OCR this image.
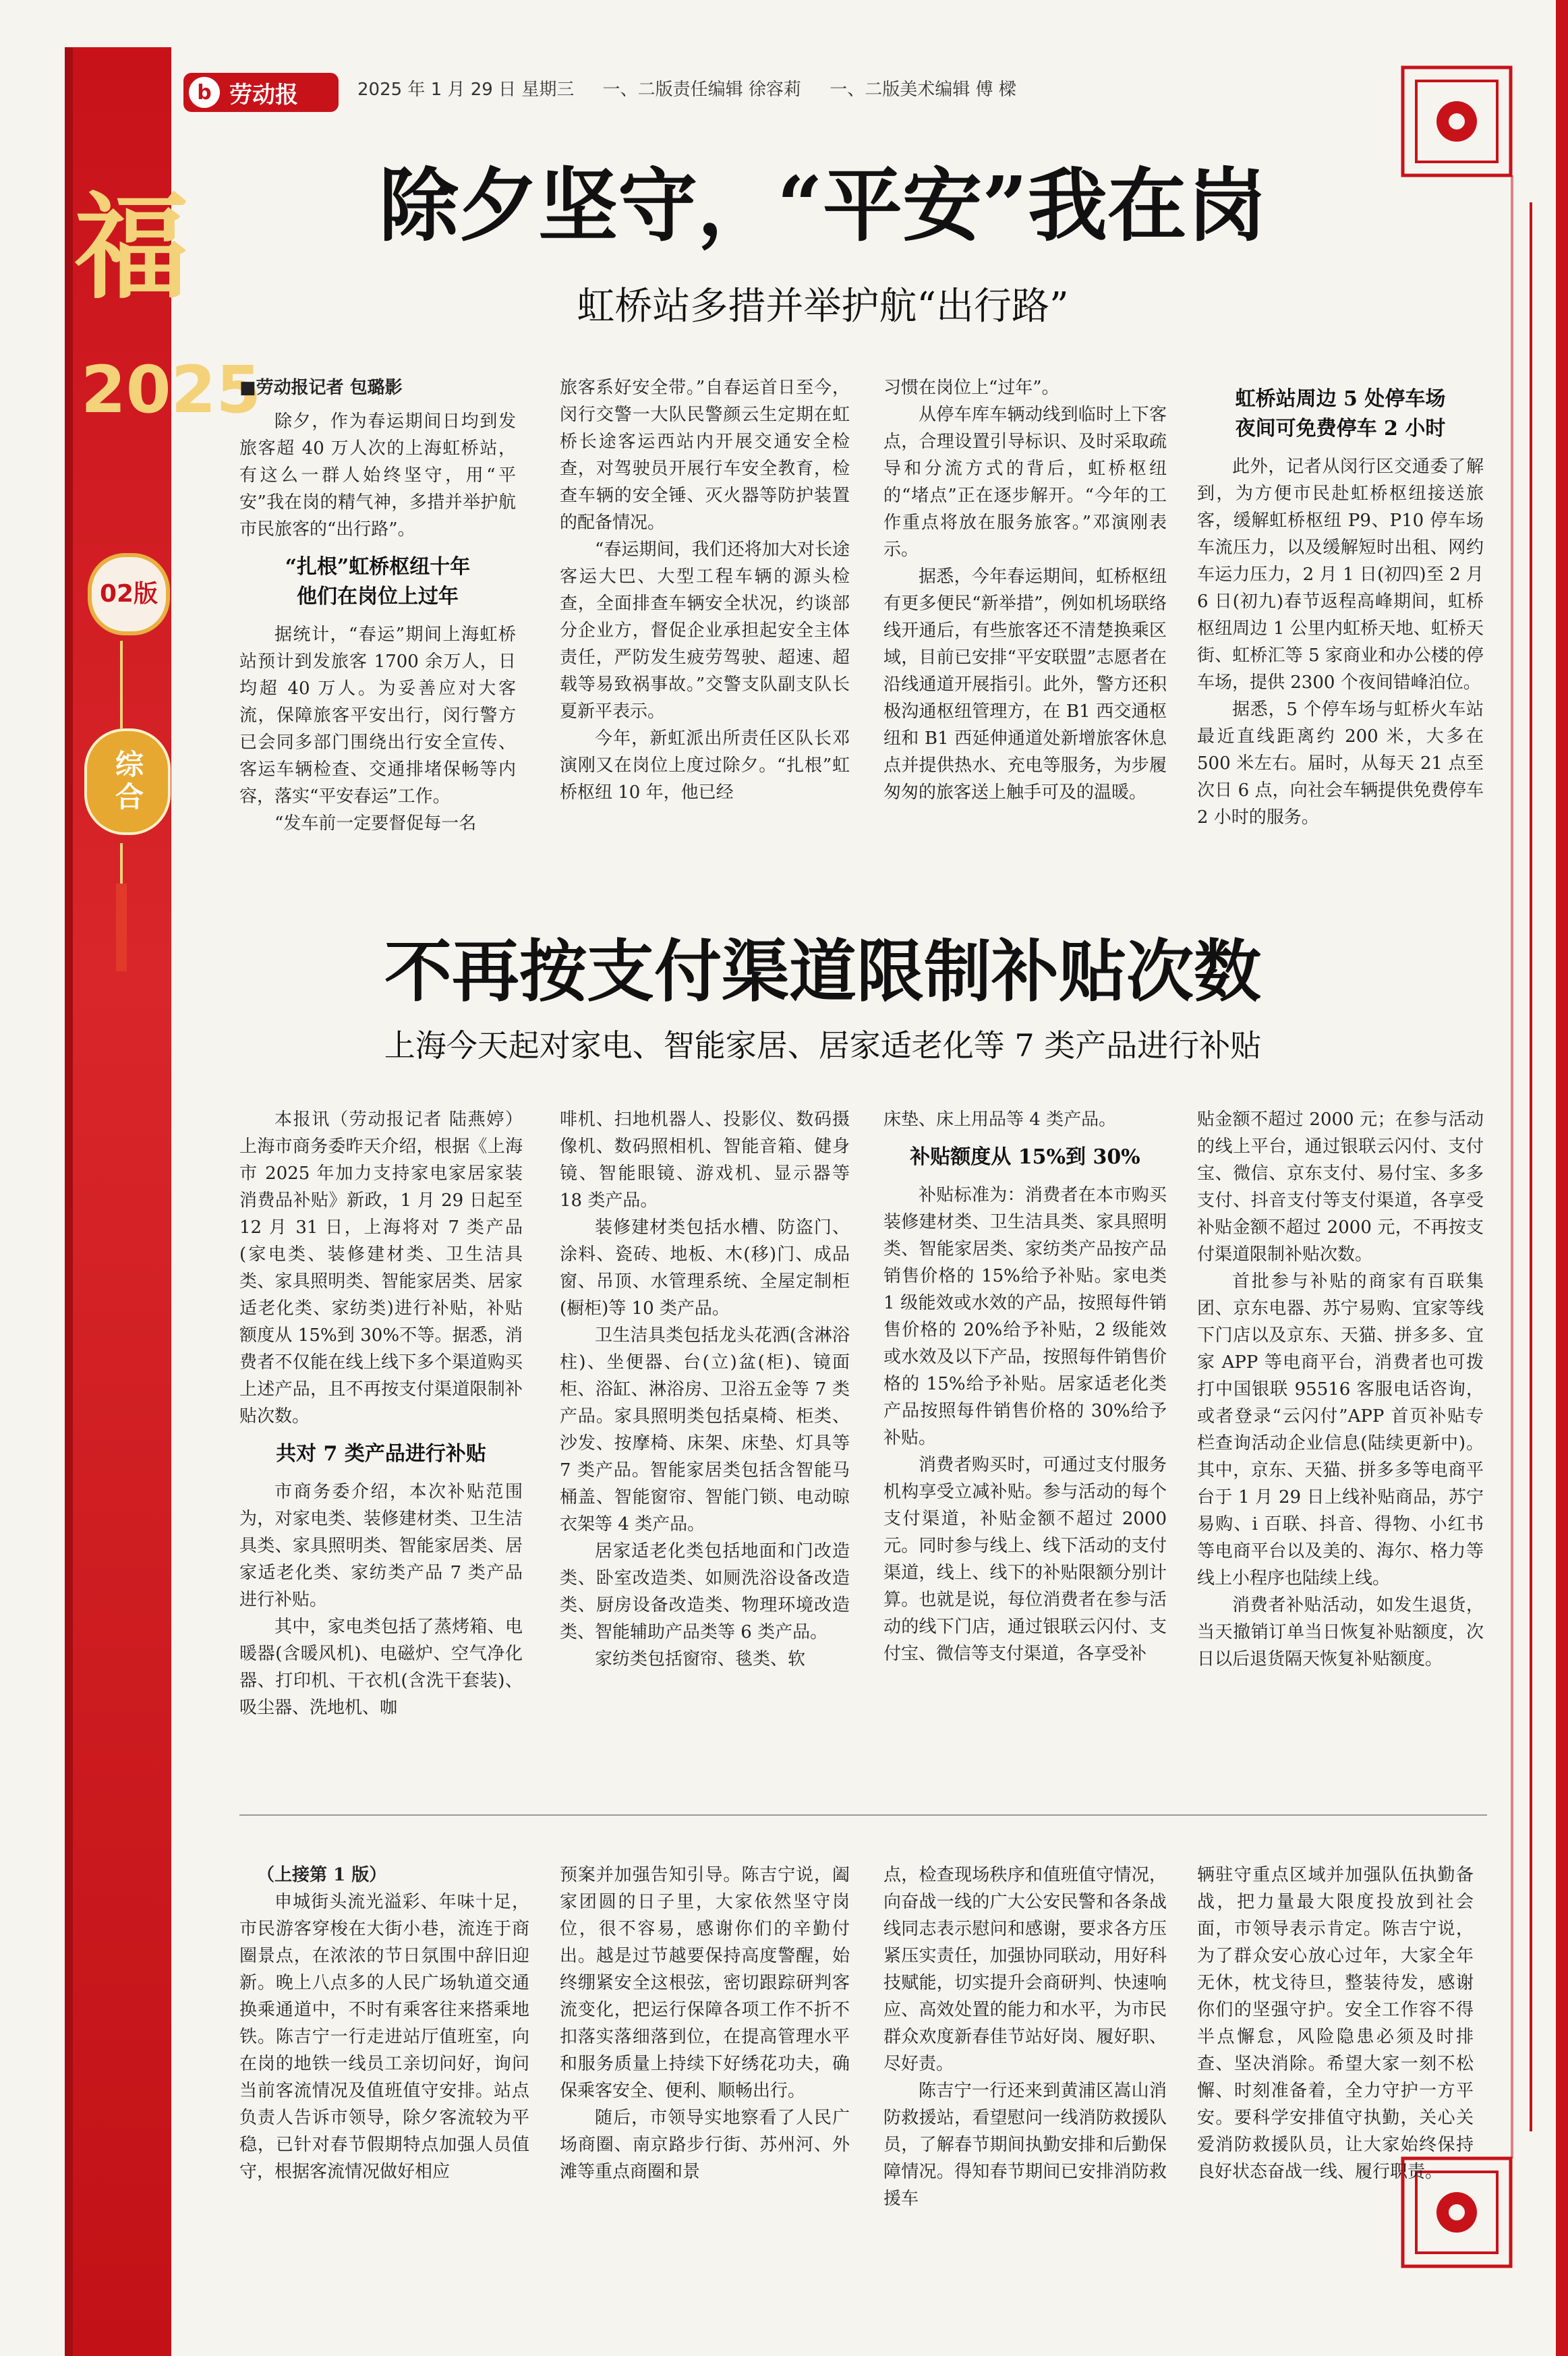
福
2025
02版
综合
b 劳动报	2025 年 1 月 29 日 星期三 一、二版责任编辑 徐容莉 一、二版美术编辑 傅 樑
除夕坚守，“平安”我在岗
虹桥站多措并举护航“出行路”
■劳动报记者 包璐影

除夕，作为春运期间日均到发旅客超 40 万人次的上海虹桥站，有这么一群人始终坚守，用“平安”我在岗的精气神，多措并举护航市民旅客的“出行路”。

“扎根”虹桥枢纽十年
他们在岗位上过年

据统计，“春运”期间上海虹桥站预计到发旅客 1700 余万人，日均超 40 万人。为妥善应对大客流，保障旅客平安出行，闵行警方已会同多部门围绕出行安全宣传、客运车辆检查、交通排堵保畅等内容，落实“平安春运”工作。

“发车前一定要督促每一名

旅客系好安全带。”自春运首日至今，闵行交警一大队民警颜云生定期在虹桥长途客运西站内开展交通安全检查，对驾驶员开展行车安全教育，检查车辆的安全锤、灭火器等防护装置的配备情况。

“春运期间，我们还将加大对长途客运大巴、大型工程车辆的源头检查，全面排查车辆安全状况，约谈部分企业方，督促企业承担起安全主体责任，严防发生疲劳驾驶、超速、超载等易致祸事故。”交警支队副支队长夏新平表示。

今年，新虹派出所责任区队长邓演刚又在岗位上度过除夕。“扎根”虹桥枢纽 10 年，他已经

习惯在岗位上“过年”。

从停车库车辆动线到临时上下客点，合理设置引导标识、及时采取疏导和分流方式的背后，虹桥枢纽的“堵点”正在逐步解开。“今年的工作重点将放在服务旅客。”邓演刚表示。

据悉，今年春运期间，虹桥枢纽有更多便民“新举措”，例如机场联络线开通后，有些旅客还不清楚换乘区域，目前已安排“平安联盟”志愿者在沿线通道开展指引。此外，警方还积极沟通枢纽管理方，在 B1 西交通枢纽和 B1 西延伸通道处新增旅客休息点并提供热水、充电等服务，为步履匆匆的旅客送上触手可及的温暖。

虹桥站周边 5 处停车场
夜间可免费停车 2 小时

此外，记者从闵行区交通委了解到，为方便市民赴虹桥枢纽接送旅客，缓解虹桥枢纽 P9、P10 停车场车流压力，以及缓解短时出租、网约车运力压力，2 月 1 日(初四)至 2 月 6 日(初九)春节返程高峰期间，虹桥枢纽周边 1 公里内虹桥天地、虹桥天街、虹桥汇等 5 家商业和办公楼的停车场，提供 2300 个夜间错峰泊位。

据悉，5 个停车场与虹桥火车站最近直线距离约 200 米，大多在 500 米左右。届时，从每天 21 点至次日 6 点，向社会车辆提供免费停车 2 小时的服务。

不再按支付渠道限制补贴次数
上海今天起对家电、智能家居、居家适老化等 7 类产品进行补贴

本报讯（劳动报记者 陆燕婷）上海市商务委昨天介绍，根据《上海市 2025 年加力支持家电家居家装消费品补贴》新政，1 月 29 日起至 12 月 31 日，上海将对 7 类产品(家电类、装修建材类、卫生洁具类、家具照明类、智能家居类、居家适老化类、家纺类)进行补贴，补贴额度从 15%到 30%不等。据悉，消费者不仅能在线上线下多个渠道购买上述产品，且不再按支付渠道限制补贴次数。

共对 7 类产品进行补贴

市商务委介绍，本次补贴范围为，对家电类、装修建材类、卫生洁具类、家具照明类、智能家居类、居家适老化类、家纺类产品 7 类产品进行补贴。

其中，家电类包括了蒸烤箱、电暖器(含暖风机)、电磁炉、空气净化器、打印机、干衣机(含洗干套装)、吸尘器、洗地机、咖

啡机、扫地机器人、投影仪、数码摄像机、数码照相机、智能音箱、健身镜、智能眼镜、游戏机、显示器等 18 类产品。

装修建材类包括水槽、防盗门、涂料、瓷砖、地板、木(移)门、成品窗、吊顶、水管理系统、全屋定制柜(橱柜)等 10 类产品。

卫生洁具类包括龙头花洒(含淋浴柱)、坐便器、台(立)盆(柜)、镜面柜、浴缸、淋浴房、卫浴五金等 7 类产品。家具照明类包括桌椅、柜类、沙发、按摩椅、床架、床垫、灯具等 7 类产品。智能家居类包括含智能马桶盖、智能窗帘、智能门锁、电动晾衣架等 4 类产品。

居家适老化类包括地面和门改造类、卧室改造类、如厕洗浴设备改造类、厨房设备改造类、物理环境改造类、智能辅助产品类等 6 类产品。

家纺类包括窗帘、毯类、软

床垫、床上用品等 4 类产品。

补贴额度从 15%到 30%

补贴标准为：消费者在本市购买装修建材类、卫生洁具类、家具照明类、智能家居类、家纺类产品按产品销售价格的 15%给予补贴。家电类 1 级能效或水效的产品，按照每件销售价格的 20%给予补贴，2 级能效或水效及以下产品，按照每件销售价格的 15%给予补贴。居家适老化类产品按照每件销售价格的 30%给予补贴。

消费者购买时，可通过支付服务机构享受立减补贴。参与活动的每个支付渠道，补贴金额不超过 2000 元。同时参与线上、线下活动的支付渠道，线上、线下的补贴限额分别计算。也就是说，每位消费者在参与活动的线下门店，通过银联云闪付、支付宝、微信等支付渠道，各享受补

贴金额不超过 2000 元；在参与活动的线上平台，通过银联云闪付、支付宝、微信、京东支付、易付宝、多多支付、抖音支付等支付渠道，各享受补贴金额不超过 2000 元，不再按支付渠道限制补贴次数。

首批参与补贴的商家有百联集团、京东电器、苏宁易购、宜家等线下门店以及京东、天猫、拼多多、宜家 APP 等电商平台，消费者也可拨打中国银联 95516 客服电话咨询，或者登录“云闪付”APP 首页补贴专栏查询活动企业信息(陆续更新中)。其中，京东、天猫、拼多多等电商平台于 1 月 29 日上线补贴商品，苏宁易购、i 百联、抖音、得物、小红书等电商平台以及美的、海尔、格力等线上小程序也陆续上线。

消费者补贴活动，如发生退货，当天撤销订单当日恢复补贴额度，次日以后退货隔天恢复补贴额度。

（上接第 1 版）

申城街头流光溢彩、年味十足，市民游客穿梭在大街小巷，流连于商圈景点，在浓浓的节日氛围中辞旧迎新。晚上八点多的人民广场轨道交通换乘通道中，不时有乘客往来搭乘地铁。陈吉宁一行走进站厅值班室，向在岗的地铁一线员工亲切问好，询问当前客流情况及值班值守安排。站点负责人告诉市领导，除夕客流较为平稳，已针对春节假期特点加强人员值守，根据客流情况做好相应

预案并加强告知引导。陈吉宁说，阖家团圆的日子里，大家依然坚守岗位，很不容易，感谢你们的辛勤付出。越是过节越要保持高度警醒，始终绷紧安全这根弦，密切跟踪研判客流变化，把运行保障各项工作不折不扣落实落细落到位，在提高管理水平和服务质量上持续下好绣花功夫，确保乘客安全、便利、顺畅出行。

随后，市领导实地察看了人民广场商圈、南京路步行街、苏州河、外滩等重点商圈和景

点，检查现场秩序和值班值守情况，向奋战一线的广大公安民警和各条战线同志表示慰问和感谢，要求各方压紧压实责任，加强协同联动，用好科技赋能，切实提升会商研判、快速响应、高效处置的能力和水平，为市民群众欢度新春佳节站好岗、履好职、尽好责。

陈吉宁一行还来到黄浦区嵩山消防救援站，看望慰问一线消防救援队员，了解春节期间执勤安排和后勤保障情况。得知春节期间已安排消防救援车

辆驻守重点区域并加强队伍执勤备战，把力量最大限度投放到社会面，市领导表示肯定。陈吉宁说，为了群众安心放心过年，大家全年无休，枕戈待旦，整装待发，感谢你们的坚强守护。安全工作容不得半点懈怠，风险隐患必须及时排查、坚决消除。希望大家一刻不松懈、时刻准备着，全力守护一方平安。要科学安排值守执勤，关心关爱消防救援队员，让大家始终保持良好状态奋战一线、履行职责。
